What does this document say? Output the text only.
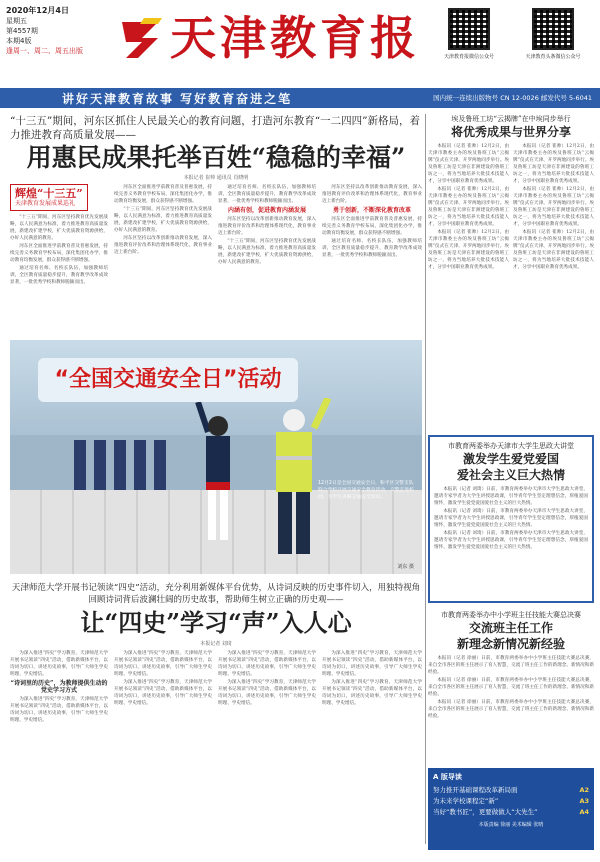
2020年12月4日
星期五
第4557期
本期4版
逢周一、周二、周五出版 天津教育报	天津教育报微信公众号	天津教育头条微信公众号
讲好天津教育故事 写好教育奋进之笔	国内统一连续出版物号 CN 12-0026 邮发代号 5-6041
“十三五”期间，河东区抓住人民最关心的教育问题，打造河东教育“一二四四”新格局，着力推进教育高质量发展——
用惠民成果托举百姓“稳稳的幸福”
本报记者 崔帅 通讯员 肖晓明
辉煌“十三五”
天津教育发展成果巡礼

“十三五”期间，河东区坚持教育优先发展战略，以人民满意为标准，着力推进教育高质量发展，新建改扩建学校，扩大优质教育资源供给，办好人民满意的教育。

河东区全面推进学前教育普及普惠发展，持续完善义务教育学校布局，深化集团化办学，推动教育均衡发展，群众获得感不断增强。

通过培育名师、名校长队伍，加强教师培训，全区教育质量稳步提升，教育教学改革成效显著，一批优秀学校和教师脱颖而出。

河东区全面推进学前教育普及普惠发展，持续完善义务教育学校布局，深化集团化办学，推动教育均衡发展，群众获得感不断增强。

“十三五”期间，河东区坚持教育优先发展战略，以人民满意为标准，着力推进教育高质量发展，新建改扩建学校，扩大优质教育资源供给，办好人民满意的教育。

河东区坚持以改革创新推动教育发展，深入推进教育评价改革和治理体系现代化，教育事业迈上新台阶。

通过培育名师、名校长队伍，加强教师培训，全区教育质量稳步提升，教育教学改革成效显著，一批优秀学校和教师脱颖而出。

内涵有创，促进教育内涵发展

河东区坚持以改革创新推动教育发展，深入推进教育评价改革和治理体系现代化，教育事业迈上新台阶。

“十三五”期间，河东区坚持教育优先发展战略，以人民满意为标准，着力推进教育高质量发展，新建改扩建学校，扩大优质教育资源供给，办好人民满意的教育。

河东区坚持以改革创新推动教育发展，深入推进教育评价改革和治理体系现代化，教育事业迈上新台阶。

勇于创新，不断深化教育改革

河东区全面推进学前教育普及普惠发展，持续完善义务教育学校布局，深化集团化办学，推动教育均衡发展，群众获得感不断增强。

通过培育名师、名校长队伍，加强教师培训，全区教育质量稳步提升，教育教学改革成效显著，一批优秀学校和教师脱颖而出。

“全国交通安全日”活动
12月2日是全国交通安全日，和平区交警支队联合学校开展交通安全教育活动，交警走进校园，为学生讲解交通安全知识。
刘东 摄
天津师范大学开展书记领读“四史”活动，充分利用新媒体平台优势，从诗词反映的历史事件切入，用独特视角回顾诗词背后波澜壮阔的历史故事，帮助师生树立正确的历史观——
让“四史”学习“声”入人心
本报记者 刘琦

为深入推进“四史”学习教育，天津师范大学开展书记领读“四史”活动，借助新媒体平台，以诗词为切口，讲述历史故事，引导广大师生学史明理、学史增信。

“诗词里的历史”，为教师提供生动的党史学习方式

为深入推进“四史”学习教育，天津师范大学开展书记领读“四史”活动，借助新媒体平台，以诗词为切口，讲述历史故事，引导广大师生学史明理、学史增信。

为深入推进“四史”学习教育，天津师范大学开展书记领读“四史”活动，借助新媒体平台，以诗词为切口，讲述历史故事，引导广大师生学史明理、学史增信。

为深入推进“四史”学习教育，天津师范大学开展书记领读“四史”活动，借助新媒体平台，以诗词为切口，讲述历史故事，引导广大师生学史明理、学史增信。

为深入推进“四史”学习教育，天津师范大学开展书记领读“四史”活动，借助新媒体平台，以诗词为切口，讲述历史故事，引导广大师生学史明理、学史增信。

为深入推进“四史”学习教育，天津师范大学开展书记领读“四史”活动，借助新媒体平台，以诗词为切口，讲述历史故事，引导广大师生学史明理、学史增信。

为深入推进“四史”学习教育，天津师范大学开展书记领读“四史”活动，借助新媒体平台，以诗词为切口，讲述历史故事，引导广大师生学史明理、学史增信。

为深入推进“四史”学习教育，天津师范大学开展书记领读“四史”活动，借助新媒体平台，以诗词为切口，讲述历史故事，引导广大师生学史明理、学史增信。

埃及鲁班工坊“云揭牌”在中埃同步举行
将优秀成果与世界分享

本报讯（记者 崔帅）12月2日，由天津市教委主办的埃及鲁班工坊“云揭牌”仪式在天津、开罗两地同步举行。埃及鲁班工坊是天津在非洲建设的鲁班工坊之一，将为当地培养大批技术技能人才，分享中国职业教育优秀成果。

本报讯（记者 崔帅）12月2日，由天津市教委主办的埃及鲁班工坊“云揭牌”仪式在天津、开罗两地同步举行。埃及鲁班工坊是天津在非洲建设的鲁班工坊之一，将为当地培养大批技术技能人才，分享中国职业教育优秀成果。

本报讯（记者 崔帅）12月2日，由天津市教委主办的埃及鲁班工坊“云揭牌”仪式在天津、开罗两地同步举行。埃及鲁班工坊是天津在非洲建设的鲁班工坊之一，将为当地培养大批技术技能人才，分享中国职业教育优秀成果。

本报讯（记者 崔帅）12月2日，由天津市教委主办的埃及鲁班工坊“云揭牌”仪式在天津、开罗两地同步举行。埃及鲁班工坊是天津在非洲建设的鲁班工坊之一，将为当地培养大批技术技能人才，分享中国职业教育优秀成果。

本报讯（记者 崔帅）12月2日，由天津市教委主办的埃及鲁班工坊“云揭牌”仪式在天津、开罗两地同步举行。埃及鲁班工坊是天津在非洲建设的鲁班工坊之一，将为当地培养大批技术技能人才，分享中国职业教育优秀成果。

本报讯（记者 崔帅）12月2日，由天津市教委主办的埃及鲁班工坊“云揭牌”仪式在天津、开罗两地同步举行。埃及鲁班工坊是天津在非洲建设的鲁班工坊之一，将为当地培养大批技术技能人才，分享中国职业教育优秀成果。

市教育两委举办天津市大学生思政大讲堂
激发学生爱党爱国
爱社会主义巨大热情

本报讯（记者 刘琦）日前，市教育两委举办天津市大学生思政大讲堂，邀请专家学者为大学生讲授思政课，引导青年学生坚定理想信念，厚植爱国情怀，激发学生爱党爱国爱社会主义的巨大热情。

本报讯（记者 刘琦）日前，市教育两委举办天津市大学生思政大讲堂，邀请专家学者为大学生讲授思政课，引导青年学生坚定理想信念，厚植爱国情怀，激发学生爱党爱国爱社会主义的巨大热情。

本报讯（记者 刘琦）日前，市教育两委举办天津市大学生思政大讲堂，邀请专家学者为大学生讲授思政课，引导青年学生坚定理想信念，厚植爱国情怀，激发学生爱党爱国爱社会主义的巨大热情。

市教育两委举办中小学班主任技能大赛总决赛
交流班主任工作
新理念新情况新经验

本报讯（记者 徐丽）日前，市教育两委举办中小学班主任技能大赛总决赛，来自全市各区的班主任展示了育人智慧，交流了班主任工作的新理念、新情况和新经验。

本报讯（记者 徐丽）日前，市教育两委举办中小学班主任技能大赛总决赛，来自全市各区的班主任展示了育人智慧，交流了班主任工作的新理念、新情况和新经验。

本报讯（记者 徐丽）日前，市教育两委举办中小学班主任技能大赛总决赛，来自全市各区的班主任展示了育人智慧，交流了班主任工作的新理念、新情况和新经验。

A 版导读
努力推开基础课程改革新局面	A2
为未来学校课程定“新”	A3
当好“教书匠”，更要做做人“大先生”	A4
本版责编 徐丽 美术编辑 张晴
